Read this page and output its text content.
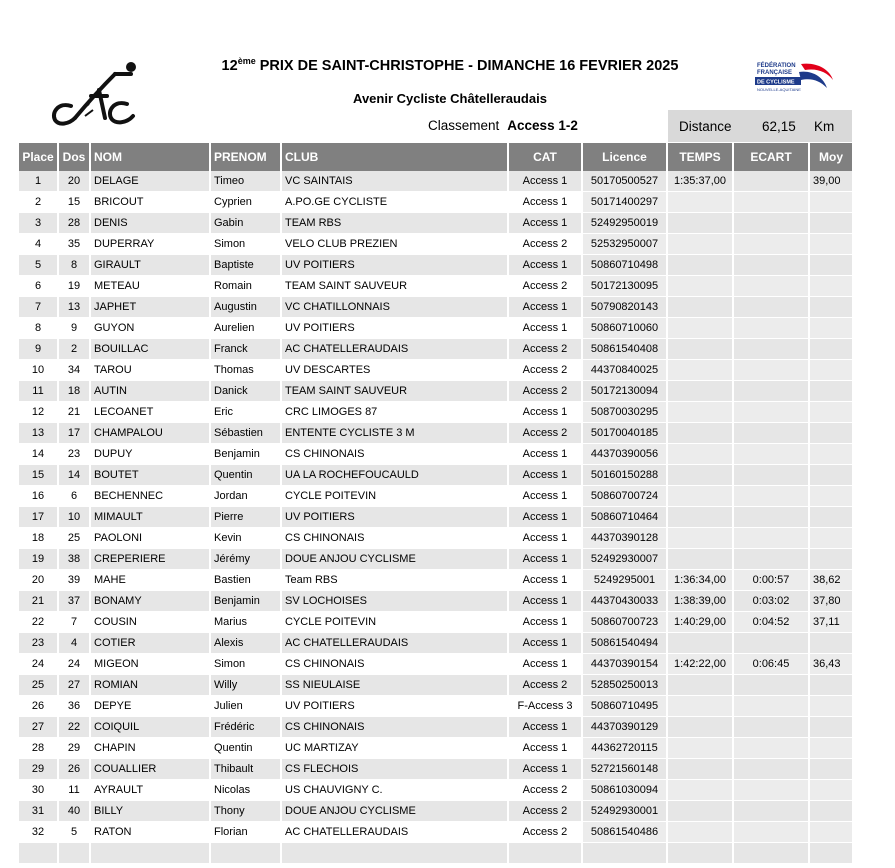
FÉDÉRATION
FRANÇAISE
DE CYCLISME
NOUVELLE-AQUITAINE
12ème PRIX DE SAINT-CHRISTOPHE - DIMANCHE 16 FEVRIER 2025
Avenir Cycliste Châtelleraudais
Classement Access 1-2	Distance 62,15 Km
Place	Dos	NOM	PRENOM	CLUB	CAT	Licence	TEMPS	ECART	Moy
1	20	DELAGE	Timeo	VC SAINTAIS	Access 1	50170500527	1:35:37,00		39,00
2	15	BRICOUT	Cyprien	A.PO.GE CYCLISTE	Access 1	50171400297			
3	28	DENIS	Gabin	TEAM RBS	Access 1	52492950019			
4	35	DUPERRAY	Simon	VELO CLUB PREZIEN	Access 2	52532950007			
5	8	GIRAULT	Baptiste	UV POITIERS	Access 1	50860710498			
6	19	METEAU	Romain	TEAM SAINT SAUVEUR	Access 2	50172130095			
7	13	JAPHET	Augustin	VC CHATILLONNAIS	Access 1	50790820143			
8	9	GUYON	Aurelien	UV POITIERS	Access 1	50860710060			
9	2	BOUILLAC	Franck	AC CHATELLERAUDAIS	Access 2	50861540408			
10	34	TAROU	Thomas	UV DESCARTES	Access 2	44370840025			
11	18	AUTIN	Danick	TEAM SAINT SAUVEUR	Access 2	50172130094			
12	21	LECOANET	Eric	CRC LIMOGES 87	Access 1	50870030295			
13	17	CHAMPALOU	Sébastien	ENTENTE CYCLISTE 3 M	Access 2	50170040185			
14	23	DUPUY	Benjamin	CS CHINONAIS	Access 1	44370390056			
15	14	BOUTET	Quentin	UA LA ROCHEFOUCAULD	Access 1	50160150288			
16	6	BECHENNEC	Jordan	CYCLE POITEVIN	Access 1	50860700724			
17	10	MIMAULT	Pierre	UV POITIERS	Access 1	50860710464			
18	25	PAOLONI	Kevin	CS CHINONAIS	Access 1	44370390128			
19	38	CREPERIERE	Jérémy	DOUE ANJOU CYCLISME	Access 1	52492930007			
20	39	MAHE	Bastien	Team RBS	Access 1	5249295001	1:36:34,00	0:00:57	38,62
21	37	BONAMY	Benjamin	SV LOCHOISES	Access 1	44370430033	1:38:39,00	0:03:02	37,80
22	7	COUSIN	Marius	CYCLE POITEVIN	Access 1	50860700723	1:40:29,00	0:04:52	37,11
23	4	COTIER	Alexis	AC CHATELLERAUDAIS	Access 1	50861540494			
24	24	MIGEON	Simon	CS CHINONAIS	Access 1	44370390154	1:42:22,00	0:06:45	36,43
25	27	ROMIAN	Willy	SS NIEULAISE	Access 2	52850250013			
26	36	DEPYE	Julien	UV POITIERS	F-Access 3	50860710495			
27	22	COIQUIL	Frédéric	CS CHINONAIS	Access 1	44370390129			
28	29	CHAPIN	Quentin	UC MARTIZAY	Access 1	44362720115			
29	26	COUALLIER	Thibault	CS FLECHOIS	Access 1	52721560148			
30	11	AYRAULT	Nicolas	US CHAUVIGNY C.	Access 2	50861030094			
31	40	BILLY	Thony	DOUE ANJOU CYCLISME	Access 2	52492930001			
32	5	RATON	Florian	AC CHATELLERAUDAIS	Access 2	50861540486			
